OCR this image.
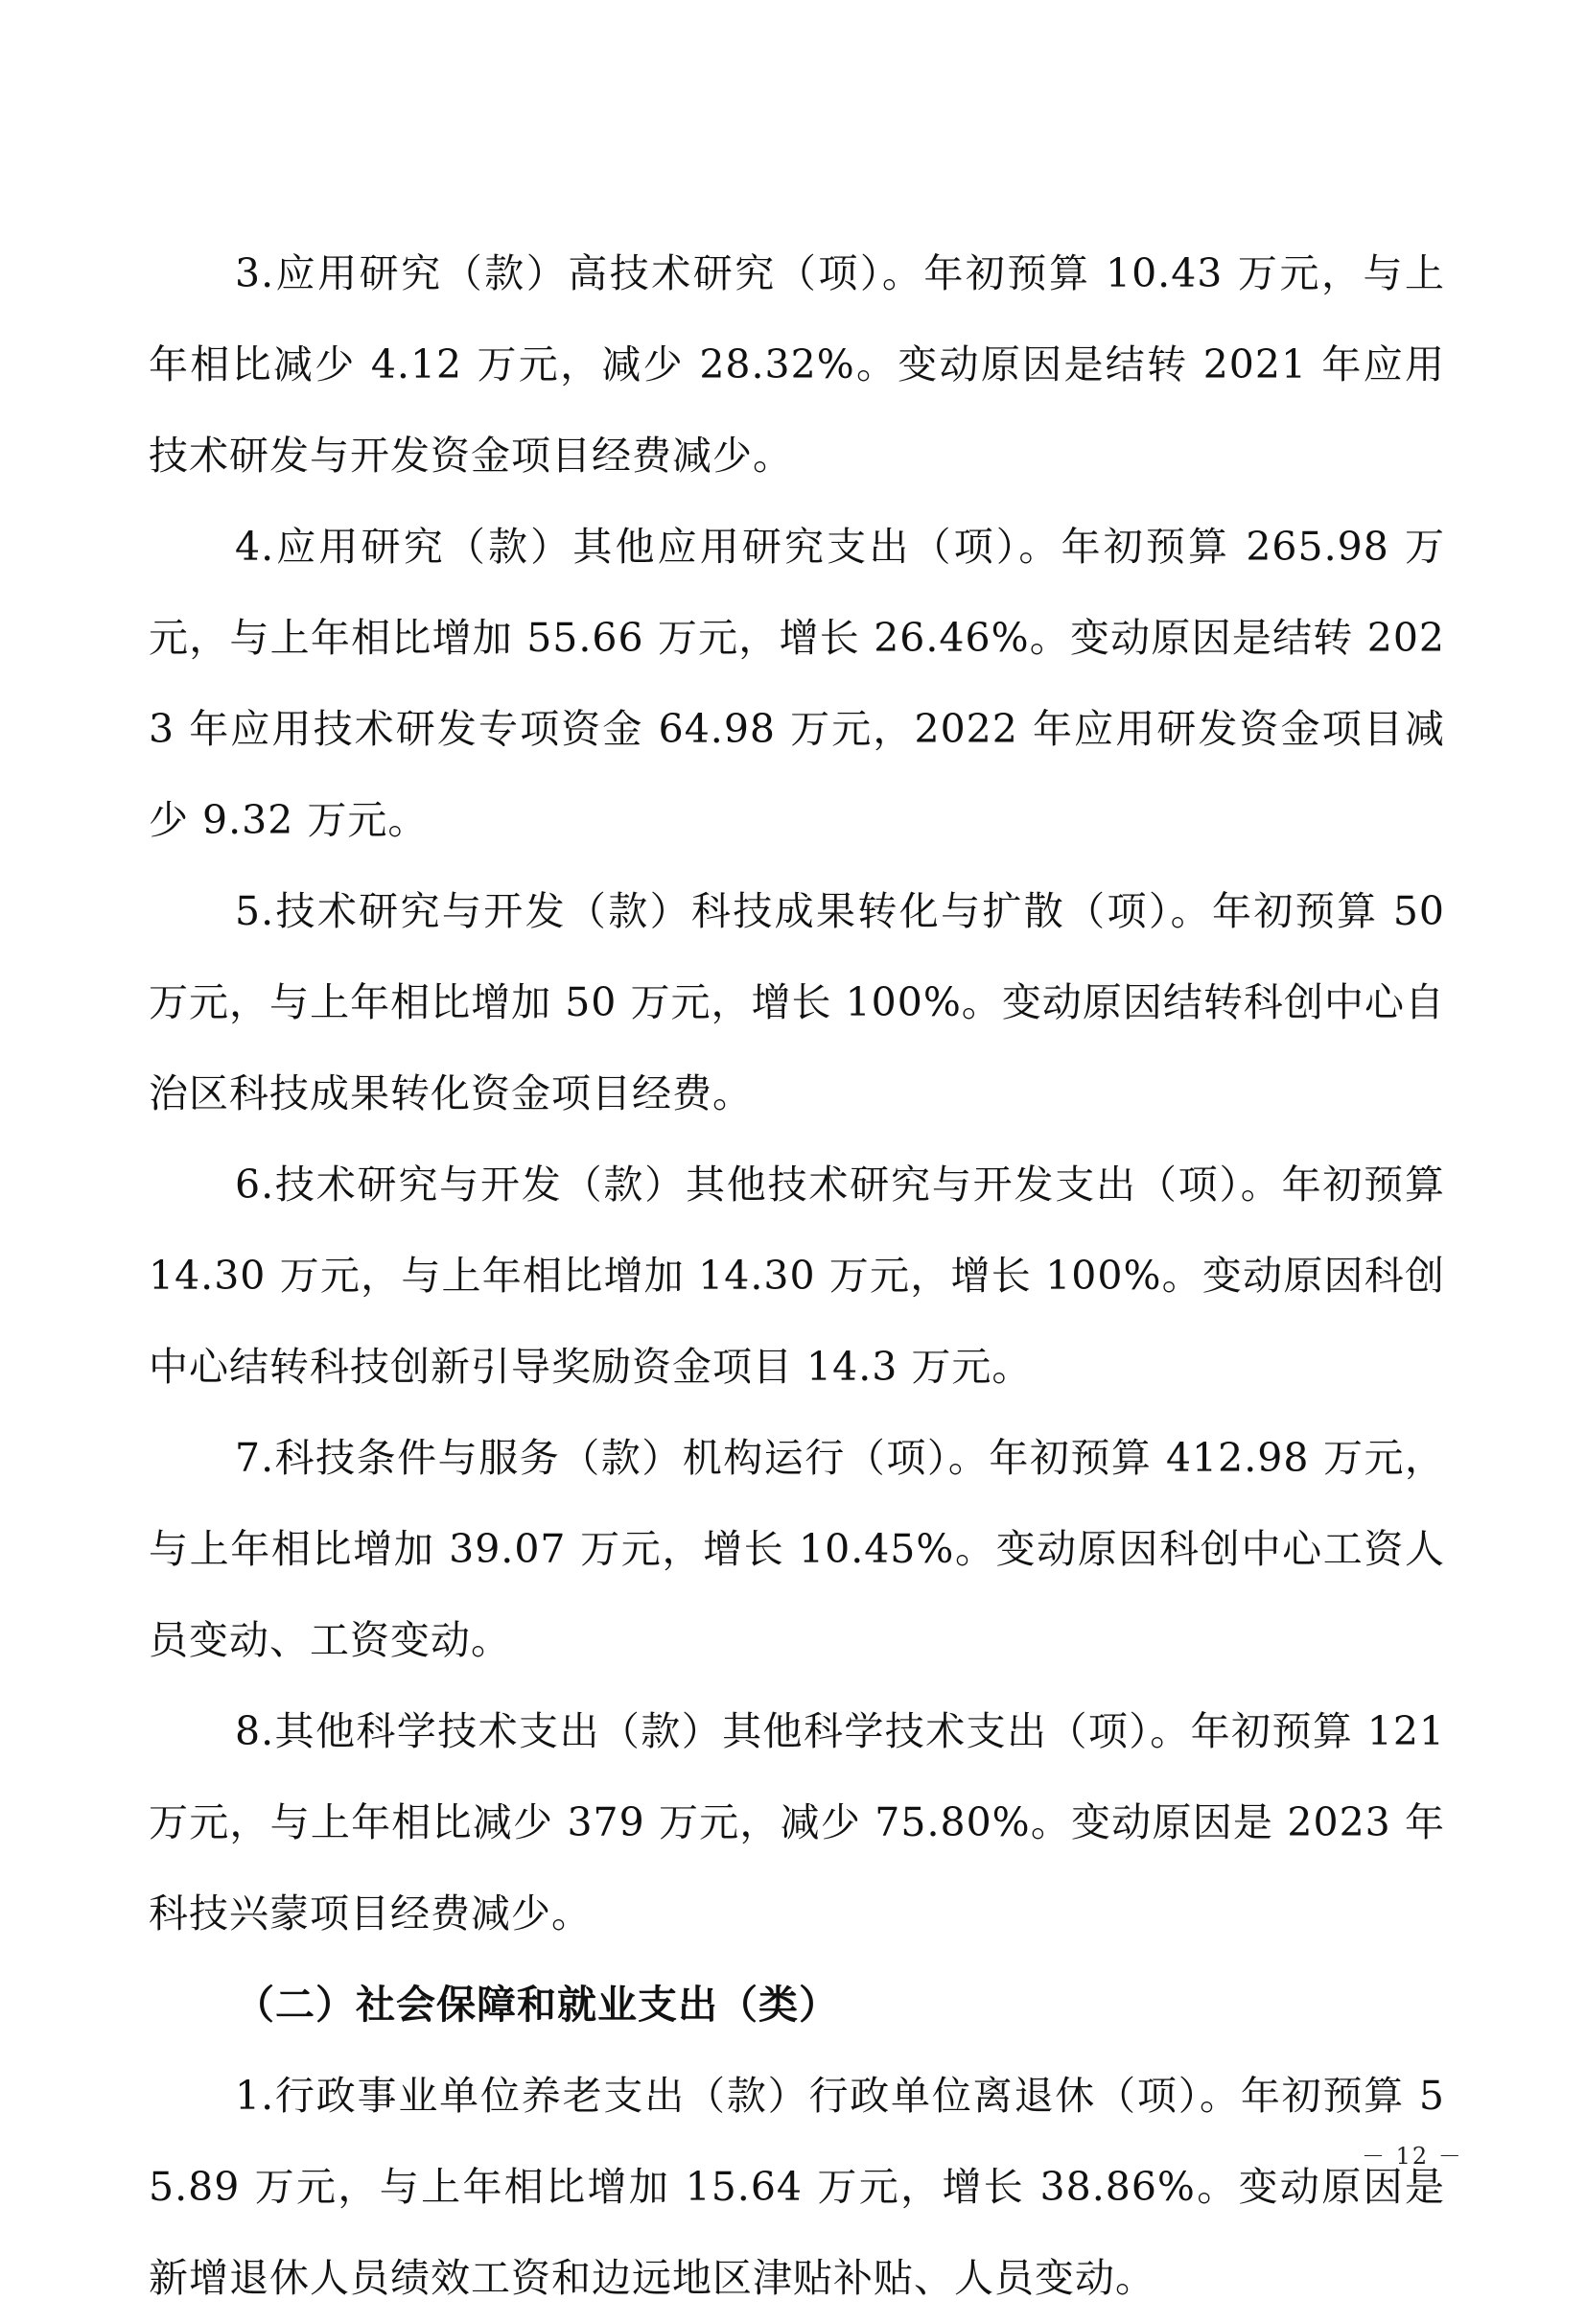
3.应用研究（款）高技术研究（项）。年初预算 10.43 万元，与上年相比减少 4.12 万元，减少 28.32%。变动原因是结转 2021 年应用技术研发与开发资金项目经费减少。

4.应用研究（款）其他应用研究支出（项）。年初预算 265.98 万元，与上年相比增加 55.66 万元，增长 26.46%。变动原因是结转 2023 年应用技术研发专项资金 64.98 万元，2022 年应用研发资金项目减少 9.32 万元。

5.技术研究与开发（款）科技成果转化与扩散（项）。年初预算 50 万元，与上年相比增加 50 万元，增长 100%。变动原因结转科创中心自治区科技成果转化资金项目经费。

6.技术研究与开发（款）其他技术研究与开发支出（项）。年初预算 14.30 万元，与上年相比增加 14.30 万元，增长 100%。变动原因科创中心结转科技创新引导奖励资金项目 14.3 万元。

7.科技条件与服务（款）机构运行（项）。年初预算 412.98 万元，与上年相比增加 39.07 万元，增长 10.45%。变动原因科创中心工资人员变动、工资变动。

8.其他科学技术支出（款）其他科学技术支出（项）。年初预算 121 万元，与上年相比减少 379 万元，减少 75.80%。变动原因是 2023 年科技兴蒙项目经费减少。

（二）社会保障和就业支出（类）

1.行政事业单位养老支出（款）行政单位离退休（项）。年初预算 55.89 万元，与上年相比增加 15.64 万元，增长 38.86%。变动原因是新增退休人员绩效工资和边远地区津贴补贴、人员变动。

－ 12 －
